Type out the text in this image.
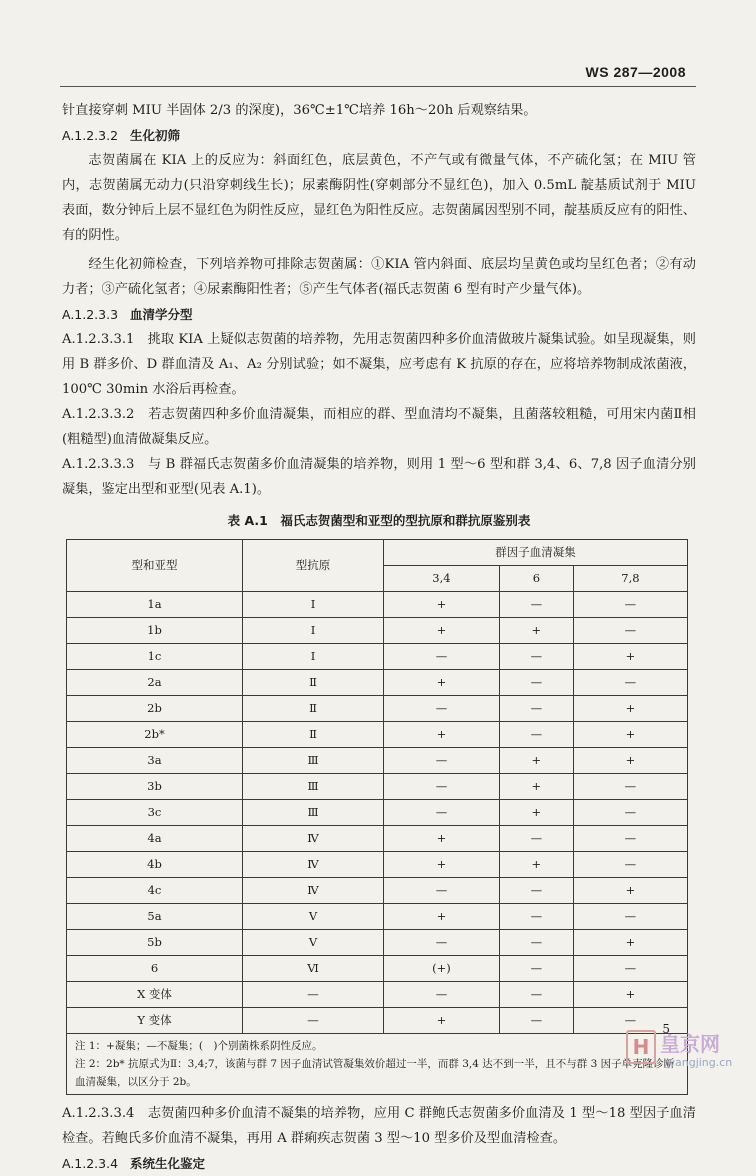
WS 287—2008

针直接穿刺 MIU 半固体 2/3 的深度)，36℃±1℃培养 16h～20h 后观察结果。

A.1.2.3.2 生化初筛

志贺菌属在 KIA 上的反应为：斜面红色，底层黄色，不产气或有微量气体，不产硫化氢；在 MIU 管内，志贺菌属无动力(只沿穿刺线生长)；尿素酶阴性(穿刺部分不显红色)，加入 0.5mL 靛基质试剂于 MIU 表面，数分钟后上层不显红色为阴性反应，显红色为阳性反应。志贺菌属因型别不同，靛基质反应有的阳性、有的阴性。

经生化初筛检查，下列培养物可排除志贺菌属：①KIA 管内斜面、底层均呈黄色或均呈红色者；②有动力者；③产硫化氢者；④尿素酶阳性者；⑤产生气体者(福氏志贺菌 6 型有时产少量气体)。

A.1.2.3.3 血清学分型

A.1.2.3.3.1　挑取 KIA 上疑似志贺菌的培养物，先用志贺菌四种多价血清做玻片凝集试验。如呈现凝集，则用 B 群多价、D 群血清及 A₁、A₂ 分别试验；如不凝集，应考虑有 K 抗原的存在，应将培养物制成浓菌液，100℃ 30min 水浴后再检查。

A.1.2.3.3.2　若志贺菌四种多价血清凝集，而相应的群、型血清均不凝集，且菌落较粗糙，可用宋内菌Ⅱ相(粗糙型)血清做凝集反应。

A.1.2.3.3.3　与 B 群福氏志贺菌多价血清凝集的培养物，则用 1 型～6 型和群 3,4、6、7,8 因子血清分别凝集，鉴定出型和亚型(见表 A.1)。

表 A.1　福氏志贺菌型和亚型的型抗原和群抗原鉴别表
型和亚型	型抗原	群因子血清凝集		
		3,4	6	7,8
1a	Ⅰ	+	—	—
1b	Ⅰ	+	+	—
1c	Ⅰ	—	—	+
2a	Ⅱ	+	—	—
2b	Ⅱ	—	—	+
2b*	Ⅱ	+	—	+
3a	Ⅲ	—	+	+
3b	Ⅲ	—	+	—
3c	Ⅲ	—	+	—
4a	Ⅳ	+	—	—
4b	Ⅳ	+	+	—
4c	Ⅳ	—	—	+
5a	Ⅴ	+	—	—
5b	Ⅴ	—	—	+
6	Ⅵ	(+)	—	—
X 变体	—	—	—	+
Y 变体	—	+	—	—

注 1：+凝集；—不凝集；(　)个别菌株系阴性反应。
注 2：2b* 抗原式为Ⅱ：3,4;7，该菌与群 7 因子血清试管凝集效价超过一半，而群 3,4 达不到一半，且不与群 3 因子单克隆诊断血清凝集，以区分于 2b。				

A.1.2.3.3.4　志贺菌四种多价血清不凝集的培养物，应用 C 群鲍氏志贺菌多价血清及 1 型～18 型因子血清检查。若鲍氏多价血清不凝集，再用 A 群痢疾志贺菌 3 型～10 型多价及型血清检查。

A.1.2.3.4 系统生化鉴定

5
H 皇京网
wangjing.cn
